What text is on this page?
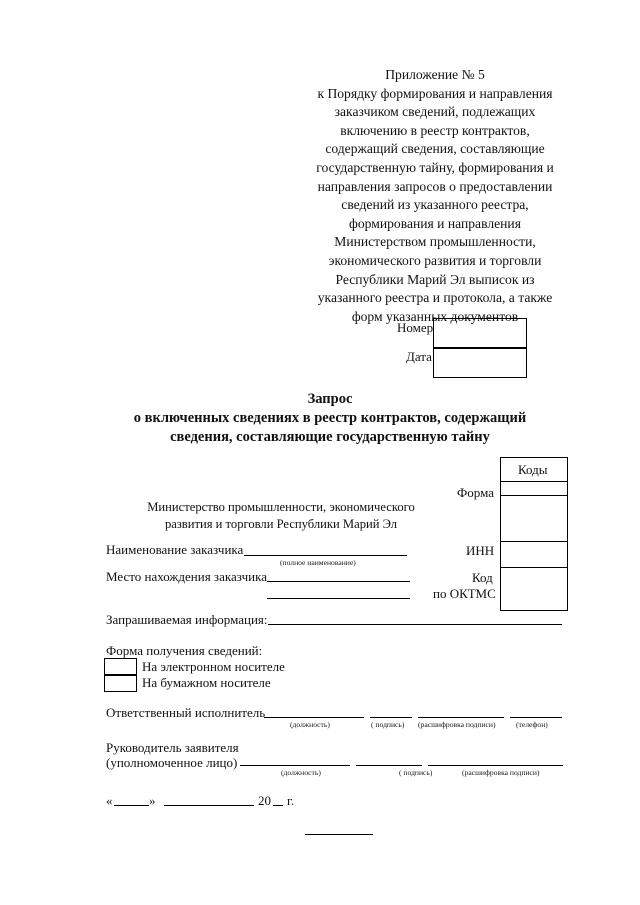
Приложение № 5
к Порядку формирования и направления
заказчиком сведений, подлежащих
включению в реестр контрактов,
содержащий сведения, составляющие
государственную тайну, формирования и
направления запросов о предоставлении
сведений из указанного реестра,
формирования и направления
Министерством промышленности,
экономического развития и торговли
Республики Марий Эл выписок из
указанного реестра и протокола, а также
форм указанных документов
Номер
Дата
Запрос
о включенных сведениях в реестр контрактов, содержащий
сведения, составляющие государственную тайну
Коды
Форма
ИНН
Код
по ОКТМС
Министерство промышленности, экономического
развития и торговли Республики Марий Эл
Наименование заказчика
(полное наименование)
Место нахождения заказчика
Запрашиваемая информация:
Форма получения сведений:
На электронном носителе
На бумажном носителе
Ответственный исполнитель
(должность)	( подпись) (расшифровка подписи)	(телефон)
Руководитель заявителя
(уполномоченное лицо)
(должность)	( подпись)	(расшифровка подписи)
«	»	20 г.
